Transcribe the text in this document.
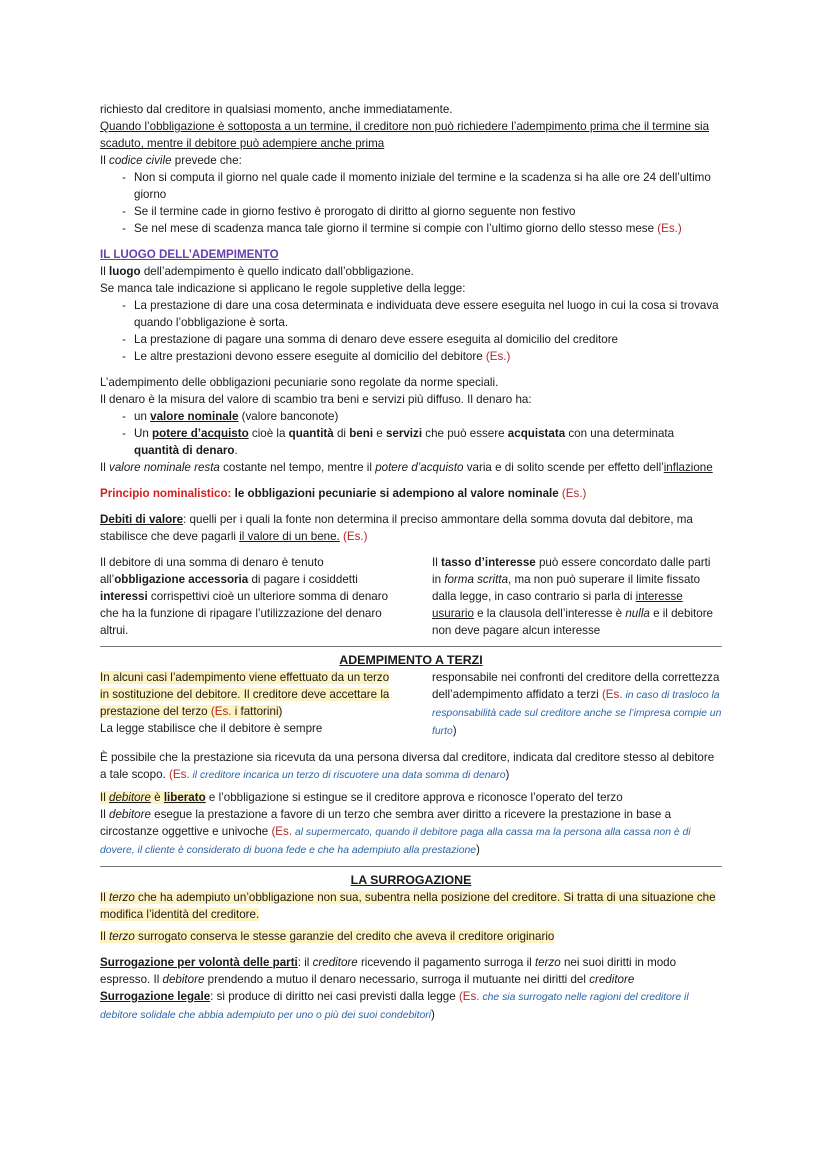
richiesto dal creditore in qualsiasi momento, anche immediatamente.

Quando l’obbligazione è sottoposta a un termine, il creditore non può richiedere l’adempimento prima che il termine sia scaduto, mentre il debitore può adempiere anche prima

Il codice civile prevede che:

- Non si computa il giorno nel quale cade il momento iniziale del termine e la scadenza si ha alle ore 24 dell’ultimo giorno
- Se il termine cade in giorno festivo è prorogato di diritto al giorno seguente non festivo
- Se nel mese di scadenza manca tale giorno il termine si compie con l’ultimo giorno dello stesso mese (Es.)

IL LUOGO DELL’ADEMPIMENTO

Il luogo dell’adempimento è quello indicato dall’obbligazione.

Se manca tale indicazione si applicano le regole suppletive della legge:

- La prestazione di dare una cosa determinata e individuata deve essere eseguita nel luogo in cui la cosa si trovava quando l’obbligazione è sorta.
- La prestazione di pagare una somma di denaro deve essere eseguita al domicilio del creditore
- Le altre prestazioni devono essere eseguite al domicilio del debitore (Es.)

L’adempimento delle obbligazioni pecuniarie sono regolate da norme speciali.

Il denaro è la misura del valore di scambio tra beni e servizi più diffuso. Il denaro ha:

- un valore nominale (valore banconote)
- Un potere d’acquisto cioè la quantità di beni e servizi che può essere acquistata con una determinata quantità di denaro.

Il valore nominale resta costante nel tempo, mentre il potere d’acquisto varia e di solito scende per effetto dell’inflazione

Principio nominalistico: le obbligazioni pecuniarie si adempiono al valore nominale (Es.)

Debiti di valore: quelli per i quali la fonte non determina il preciso ammontare della somma dovuta dal debitore, ma stabilisce che deve pagarli il valore di un bene. (Es.)

Il debitore di una somma di denaro è tenuto all’obbligazione accessoria di pagare i cosiddetti interessi corrispettivi cioè un ulteriore somma di denaro che ha la funzione di ripagare l’utilizzazione del denaro altrui.

Il tasso d’interesse può essere concordato dalle parti in forma scritta, ma non può superare il limite fissato dalla legge, in caso contrario si parla di interesse usurario e la clausola dell’interesse è nulla e il debitore non deve pagare alcun interesse

ADEMPIMENTO A TERZI

In alcuni casi l’adempimento viene effettuato da un terzo in sostituzione del debitore. Il creditore deve accettare la prestazione del terzo (Es. i fattorini)

La legge stabilisce che il debitore è sempre

responsabile nei confronti del creditore della correttezza dell’adempimento affidato a terzi (Es. in caso di trasloco la responsabilità cade sul creditore anche se l’impresa compie un furto)

È possibile che la prestazione sia ricevuta da una persona diversa dal creditore, indicata dal creditore stesso al debitore a tale scopo. (Es. il creditore incarica un terzo di riscuotere una data somma di denaro)

Il debitore è liberato e l’obbligazione si estingue se il creditore approva e riconosce l’operato del terzo

Il debitore esegue la prestazione a favore di un terzo che sembra aver diritto a ricevere la prestazione in base a circostanze oggettive e univoche (Es. al supermercato, quando il debitore paga alla cassa ma la persona alla cassa non è di dovere, il cliente è considerato di buona fede e che ha adempiuto alla prestazione)

LA SURROGAZIONE

Il terzo che ha adempiuto un’obbligazione non sua, subentra nella posizione del creditore. Si tratta di una situazione che modifica l’identità del creditore.

Il terzo surrogato conserva le stesse garanzie del credito che aveva il creditore originario

Surrogazione per volontà delle parti: il creditore ricevendo il pagamento surroga il terzo nei suoi diritti in modo espresso. Il debitore prendendo a mutuo il denaro necessario, surroga il mutuante nei diritti del creditore

Surrogazione legale: si produce di diritto nei casi previsti dalla legge (Es. che sia surrogato nelle ragioni del creditore il debitore solidale che abbia adempiuto per uno o più dei suoi condebitori)
